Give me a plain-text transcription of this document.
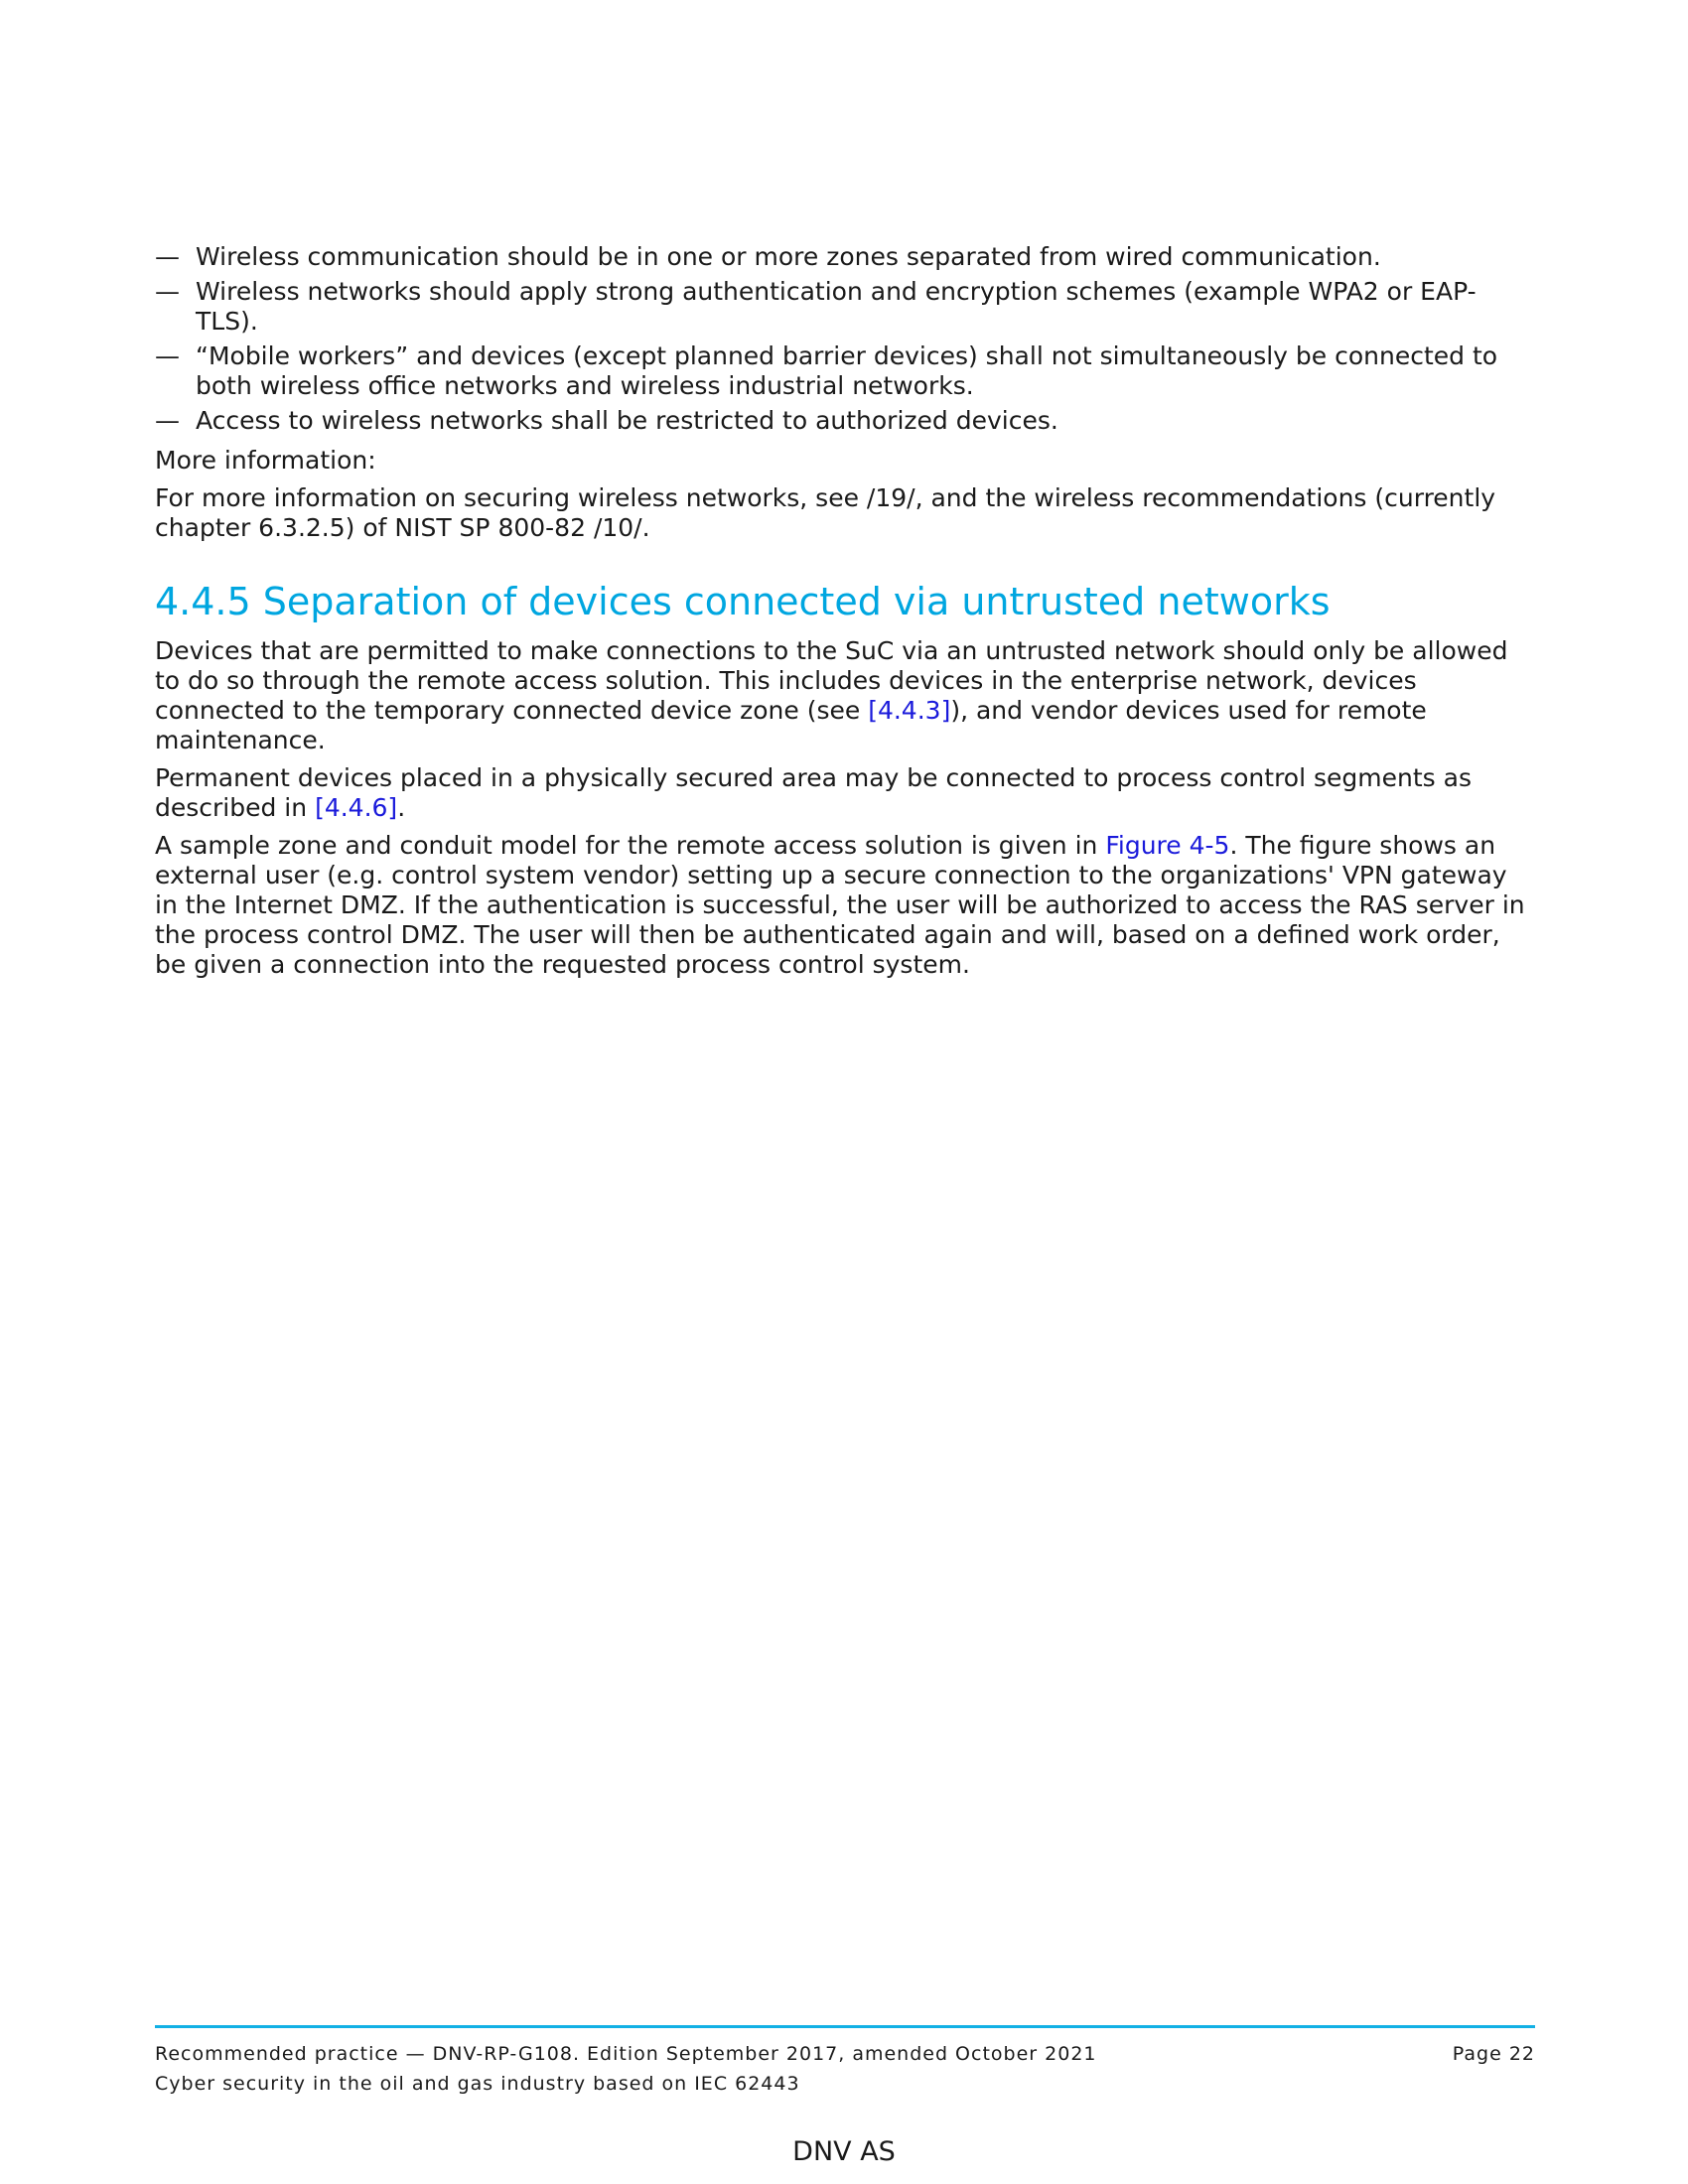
— Wireless communication should be in one or more zones separated from wired communication.
— Wireless networks should apply strong authentication and encryption schemes (example WPA2 or EAP-TLS).
— “Mobile workers” and devices (except planned barrier devices) shall not simultaneously be connected to both wireless office networks and wireless industrial networks.
— Access to wireless networks shall be restricted to authorized devices.

More information:

For more information on securing wireless networks, see /19/, and the wireless recommendations (currently chapter 6.3.2.5) of NIST SP 800-82 /10/.

4.4.5 Separation of devices connected via untrusted networks

Devices that are permitted to make connections to the SuC via an untrusted network should only be allowed to do so through the remote access solution. This includes devices in the enterprise network, devices connected to the temporary connected device zone (see [4.4.3]), and vendor devices used for remote maintenance.

Permanent devices placed in a physically secured area may be connected to process control segments as described in [4.4.6].

A sample zone and conduit model for the remote access solution is given in Figure 4-5. The figure shows an external user (e.g. control system vendor) setting up a secure connection to the organizations' VPN gateway in the Internet DMZ. If the authentication is successful, the user will be authorized to access the RAS server in the process control DMZ. The user will then be authenticated again and will, based on a defined work order, be given a connection into the requested process control system.

Recommended practice — DNV-RP-G108. Edition September 2017, amended October 2021	Page 22
Cyber security in the oil and gas industry based on IEC 62443
DNV AS
